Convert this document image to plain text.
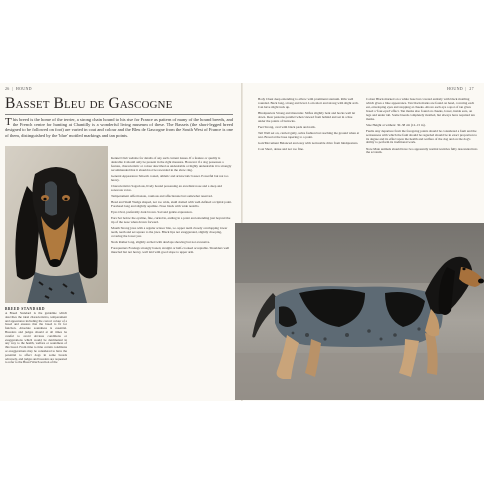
26  |  HOUND	HOUND  |  27
Basset Bleu de Gascogne
T his breed is the home of the terrier, a strong chain hound to his rise for France as pattern of many of the hound breeds, and the French centre for hunting at Chantilly is a wonderful living museum of these. The Bassets (the short-legged breed designed to be followed on foot) are varied in coat and colour and the Bleu de Gascogne from the South West of France is one of them, distinguished by the 'blue' mottled markings and tan points.

Kennel Club website for details of any such current issues. If a feature or quality is desirable it should only be present in the right measure. However if a dog possesses a feature, characteristic or colour described as undesirable or highly undesirable it is strongly recommended that it should not be rewarded in the show ring.

General Appearance Smooth coated, athletic and aristocratic basset. Powerful but not too heavy.

Characteristics Sagacious, lively hound possessing an excellent nose and a deep and sonorous voice.

Temperament Affectionate, cautious and affectionate but somewhat reserved.

Head and Skull Wedge shaped, not too wide, skull domed with well-defined occipital point. Forehead long and slightly aquiline. Nose black with wide nostrils.

Eyes Oval, preferably dark brown. Sad and gentle expression.

Ears Set below the eyeline, fine, curled in, ending in a point and extending just beyond the tip of the nose when drawn forward.

Mouth Strong jaws with a regular scissor bite, i.e. upper teeth closely overlapping lower teeth, teeth and set square to the jaws. Black lips not exaggerated, slightly drooping, covering the lower jaw.

Neck Rather long, slightly arched with dewlaps showing but not excessive.

Forequarters Forelegs strongly boned, straight or half-crooked acceptable. Shoulders well muscled but not heavy, well laid with good slope to upper arm.

BREED STANDARD
A Breed Standard is the guideline which describes the ideal characteristics, temperament and appearance including the correct colour of a breed and ensures that the breed is fit for function. Absolute soundness is essential. Breeders and judges should at all times be careful to avoid obvious conditions or exaggerations which would be detrimental in any way to the health, welfare or soundness of this breed. From time to time certain conditions or exaggerations may be considered to have the potential to affect dogs in some breeds adversely, and judges and breeders are requested to refer to the Breed Watch section of the

Body Chest deep extending to elbow with prominent sternum. Ribs well rounded. Back long, strong and level. Loin short and strong with slight arch. Can have slight tuck up.

Hindquarters Strong and muscular. Stifles slightly bent and hocks well let down. Rear pasterns parallel when viewed from behind and set in a line under the points of buttocks.

Feet Strong, oval with black pads and nails.

Tail Well set on, carried gaily, sabre fashion but reaching the ground when at rest. Broad at the base tapering to a point.

Gait/Movement Balanced and easy with noticeable drive from hindquarters.

Coat Short, dense and not too fine.

Colour Black marked on a white base but covered entirely with black mottling which gives a blue appearance. Tan black marks are found on head, covering each ear, enveloping eyes and stopping at cheeks. Above each eye a spot of tan gives breed a 'four-eyed' effect. Tan marks also found on cheeks, lower, inside ears, on legs and under tail. Some breeds completely mottled, but always have required tan marks.

Size Height at withers: 30–38 cm (12–15 in).

Faults Any departure from the foregoing points should be considered a fault and the seriousness with which the fault should be regarded should be in exact proportion to its degree and its effect upon the health and welfare of the dog and on the dog's ability to perform its traditional work.

Note Male animals should have two apparently normal testicles fully descended into the scrotum.
